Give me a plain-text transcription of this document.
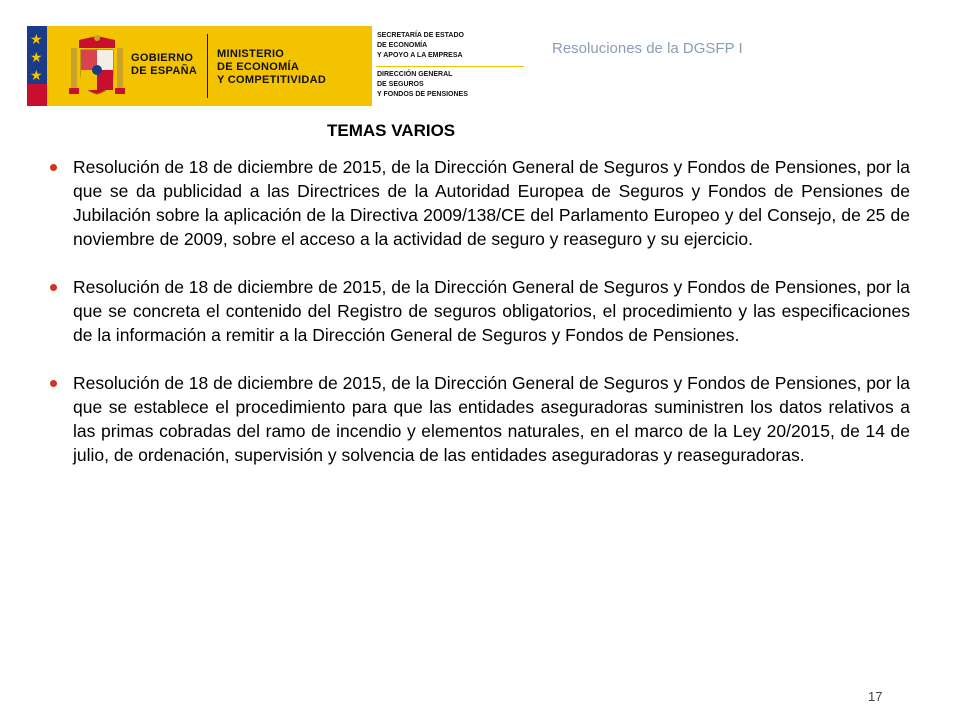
★
★
★
GOBIERNO
DE ESPAÑA
MINISTERIO
DE ECONOMÍA
Y COMPETITIVIDAD
SECRETARÍA DE ESTADO
DE ECONOMÍA
Y APOYO A LA EMPRESA
DIRECCIÓN GENERAL
DE SEGUROS
Y FONDOS DE PENSIONES
Resoluciones de la DGSFP I
TEMAS VARIOS
Resolución de 18 de diciembre de 2015, de la Dirección General de Seguros y Fondos de Pensiones, por la que se da publicidad a las Directrices de la Autoridad Europea de Seguros y Fondos de Pensiones de Jubilación sobre la aplicación de la Directiva 2009/138/CE del Parlamento Europeo y del Consejo, de 25 de noviembre de 2009, sobre el acceso a la actividad de seguro y reaseguro y su ejercicio.
Resolución de 18 de diciembre de 2015, de la Dirección General de Seguros y Fondos de Pensiones, por la que se concreta el contenido del Registro de seguros obligatorios, el procedimiento y las especificaciones de la información a remitir a la Dirección General de Seguros y Fondos de Pensiones.
Resolución de 18 de diciembre de 2015, de la Dirección General de Seguros y Fondos de Pensiones, por la que se establece el procedimiento para que las entidades aseguradoras suministren los datos relativos a las primas cobradas del ramo de incendio y elementos naturales, en el marco de la Ley 20/2015, de 14 de julio, de ordenación, supervisión y solvencia de las entidades aseguradoras y reaseguradoras.
17
